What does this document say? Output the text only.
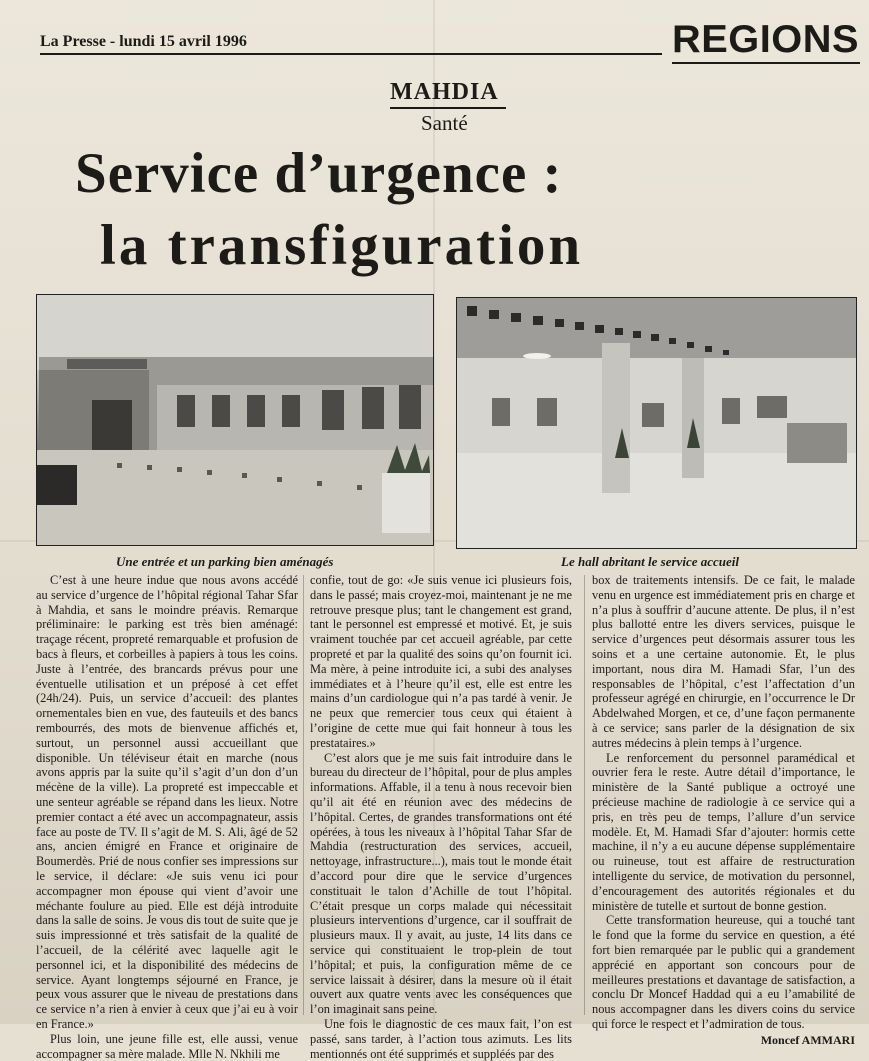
La Presse - lundi 15 avril 1996	REGIONS
MAHDIA
Santé
Service d’urgence :
la transfiguration
Une entrée et un parking bien aménagés	Le hall abritant le service accueil

C’est à une heure indue que nous avons accédé au service d’urgence de l’hôpital régional Tahar Sfar à Mahdia, et sans le moindre préavis. Remarque préliminaire: le parking est très bien aménagé: traçage récent, propreté remarquable et profusion de bacs à fleurs, et corbeilles à papiers à tous les coins. Juste à l’entrée, des brancards prévus pour une éventuelle utilisation et un préposé à cet effet (24h/24). Puis, un service d’accueil: des plantes ornementales bien en vue, des fauteuils et des bancs rembourrés, des mots de bienvenue affichés et, surtout, un personnel aussi accueillant que disponible. Un téléviseur était en marche (nous avons appris par la suite qu’il s’agit d’un don d’un mécène de la ville). La propreté est impeccable et une senteur agréable se répand dans les lieux. Notre premier contact a été avec un accompagnateur, assis face au poste de TV. Il s’agit de M. S. Ali, âgé de 52 ans, ancien émigré en France et originaire de Boumerdès. Prié de nous confier ses impressions sur le service, il déclare: «Je suis venu ici pour accompagner mon épouse qui vient d’avoir une méchante foulure au pied. Elle est déjà introduite dans la salle de soins. Je vous dis tout de suite que je suis impressionné et très satisfait de la qualité de l’accueil, de la célérité avec laquelle agit le personnel ici, et la disponibilité des médecins de service. Ayant longtemps séjourné en France, je peux vous assurer que le niveau de prestations dans ce service n’a rien à envier à ceux que j’ai eu à voir en France.»

Plus loin, une jeune fille est, elle aussi, venue accompagner sa mère malade. Mlle N. Nkhili me

confie, tout de go: «Je suis venue ici plusieurs fois, dans le passé; mais croyez-moi, maintenant je ne me retrouve presque plus; tant le changement est grand, tant le personnel est empressé et motivé. Et, je suis vraiment touchée par cet accueil agréable, par cette propreté et par la qualité des soins qu’on fournit ici. Ma mère, à peine introduite ici, a subi des analyses immédiates et à l’heure qu’il est, elle est entre les mains d’un cardiologue qui n’a pas tardé à venir. Je ne peux que remercier tous ceux qui étaient à l’origine de cette mue qui fait honneur à tous les prestataires.»

C’est alors que je me suis fait introduire dans le bureau du directeur de l’hôpital, pour de plus amples informations. Affable, il a tenu à nous recevoir bien qu’il ait été en réunion avec des médecins de l’hôpital. Certes, de grandes transformations ont été opérées, à tous les niveaux à l’hôpital Tahar Sfar de Mahdia (restructuration des services, accueil, nettoyage, infrastructure...), mais tout le monde était d’accord pour dire que le service d’urgences constituait le talon d’Achille de tout l’hôpital. C’était presque un corps malade qui nécessitait plusieurs interventions d’urgence, car il souffrait de plusieurs maux. Il y avait, au juste, 14 lits dans ce service qui constituaient le trop-plein de tout l’hôpital; et puis, la configuration même de ce service laissait à désirer, dans la mesure où il était ouvert aux quatre vents avec les conséquences que l’on imaginait sans peine.

Une fois le diagnostic de ces maux fait, l’on est passé, sans tarder, à l’action tous azimuts. Les lits mentionnés ont été supprimés et suppléés par des

box de traitements intensifs. De ce fait, le malade venu en urgence est immédiatement pris en charge et n’a plus à souffrir d’aucune attente. De plus, il n’est plus ballotté entre les divers services, puisque le service d’urgences peut désormais assurer tous les soins et a une certaine autonomie. Et, le plus important, nous dira M. Hamadi Sfar, l’un des responsables de l’hôpital, c’est l’affectation d’un professeur agrégé en chirurgie, en l’occurrence le Dr Abdelwahed Morgen, et ce, d’une façon permanente à ce service; sans parler de la désignation de six autres médecins à plein temps à l’urgence.

Le renforcement du personnel paramédical et ouvrier fera le reste. Autre détail d’importance, le ministère de la Santé publique a octroyé une précieuse machine de radiologie à ce service qui a pris, en très peu de temps, l’allure d’un service modèle. Et, M. Hamadi Sfar d’ajouter: hormis cette machine, il n’y a eu aucune dépense supplémentaire ou ruineuse, tout est affaire de restructuration intelligente du service, de motivation du personnel, d’encouragement des autorités régionales et du ministère de tutelle et surtout de bonne gestion.

Cette transformation heureuse, qui a touché tant le fond que la forme du service en question, a été fort bien remarquée par le public qui a grandement apprécié en apportant son concours pour de meilleures prestations et davantage de satisfaction, a conclu Dr Moncef Haddad qui a eu l’amabilité de nous accompagner dans les divers coins du service qui force le respect et l’admiration de tous.

Moncef AMMARI
